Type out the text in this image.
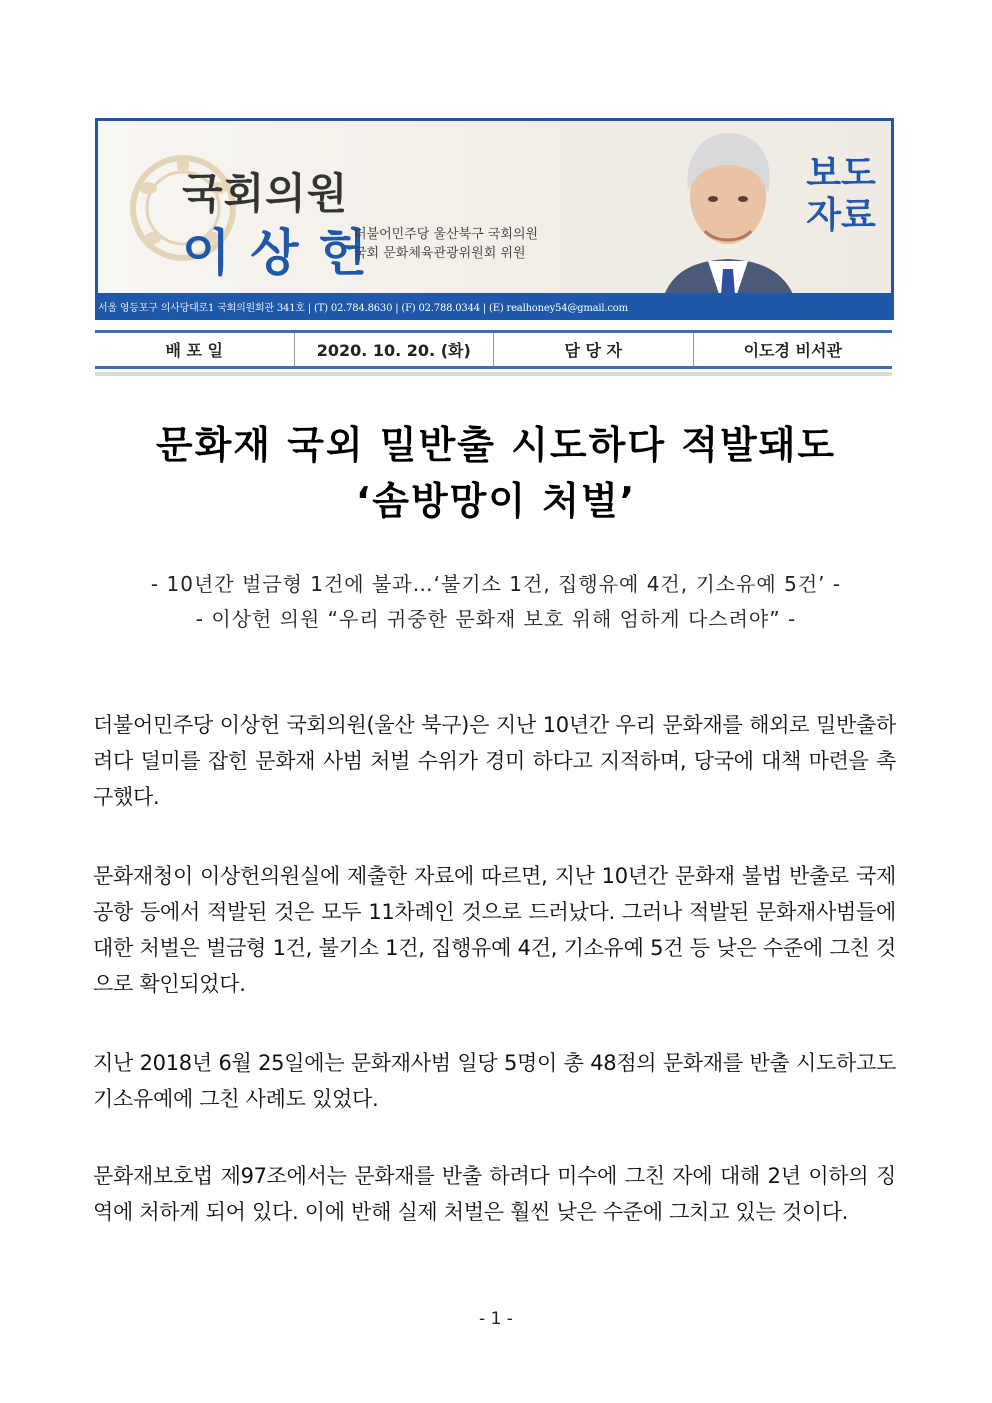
국회의원
이상헌
더불어민주당 울산북구 국회의원
국회 문화체육관광위원회 위원
보도
자료
서울 영등포구 의사당대로1 국회의원회관 341호 | (T) 02.784.8630 | (F) 02.788.0344 | (E) realhoney54@gmail.com
배 포 일	2020. 10. 20. (화)	담 당 자	이도경 비서관
문화재 국외 밀반출 시도하다 적발돼도
‘솜방망이 처벌’
- 10년간 벌금형 1건에 불과…‘불기소 1건, 집행유예 4건, 기소유예 5건’ -
- 이상헌 의원 “우리 귀중한 문화재 보호 위해 엄하게 다스려야” -

더불어민주당 이상헌 국회의원(울산 북구)은 지난 10년간 우리 문화재를 해외로 밀반출하려다 덜미를 잡힌 문화재 사범 처벌 수위가 경미 하다고 지적하며, 당국에 대책 마련을 촉구했다.

문화재청이 이상헌의원실에 제출한 자료에 따르면, 지난 10년간 문화재 불법 반출로 국제공항 등에서 적발된 것은 모두 11차례인 것으로 드러났다. 그러나 적발된 문화재사범들에 대한 처벌은 벌금형 1건, 불기소 1건, 집행유예 4건, 기소유예 5건 등 낮은 수준에 그친 것으로 확인되었다.

지난 2018년 6월 25일에는 문화재사범 일당 5명이 총 48점의 문화재를 반출 시도하고도 기소유예에 그친 사례도 있었다.

문화재보호법 제97조에서는 문화재를 반출 하려다 미수에 그친 자에 대해 2년 이하의 징역에 처하게 되어 있다. 이에 반해 실제 처벌은 훨씬 낮은 수준에 그치고 있는 것이다.

- 1 -
